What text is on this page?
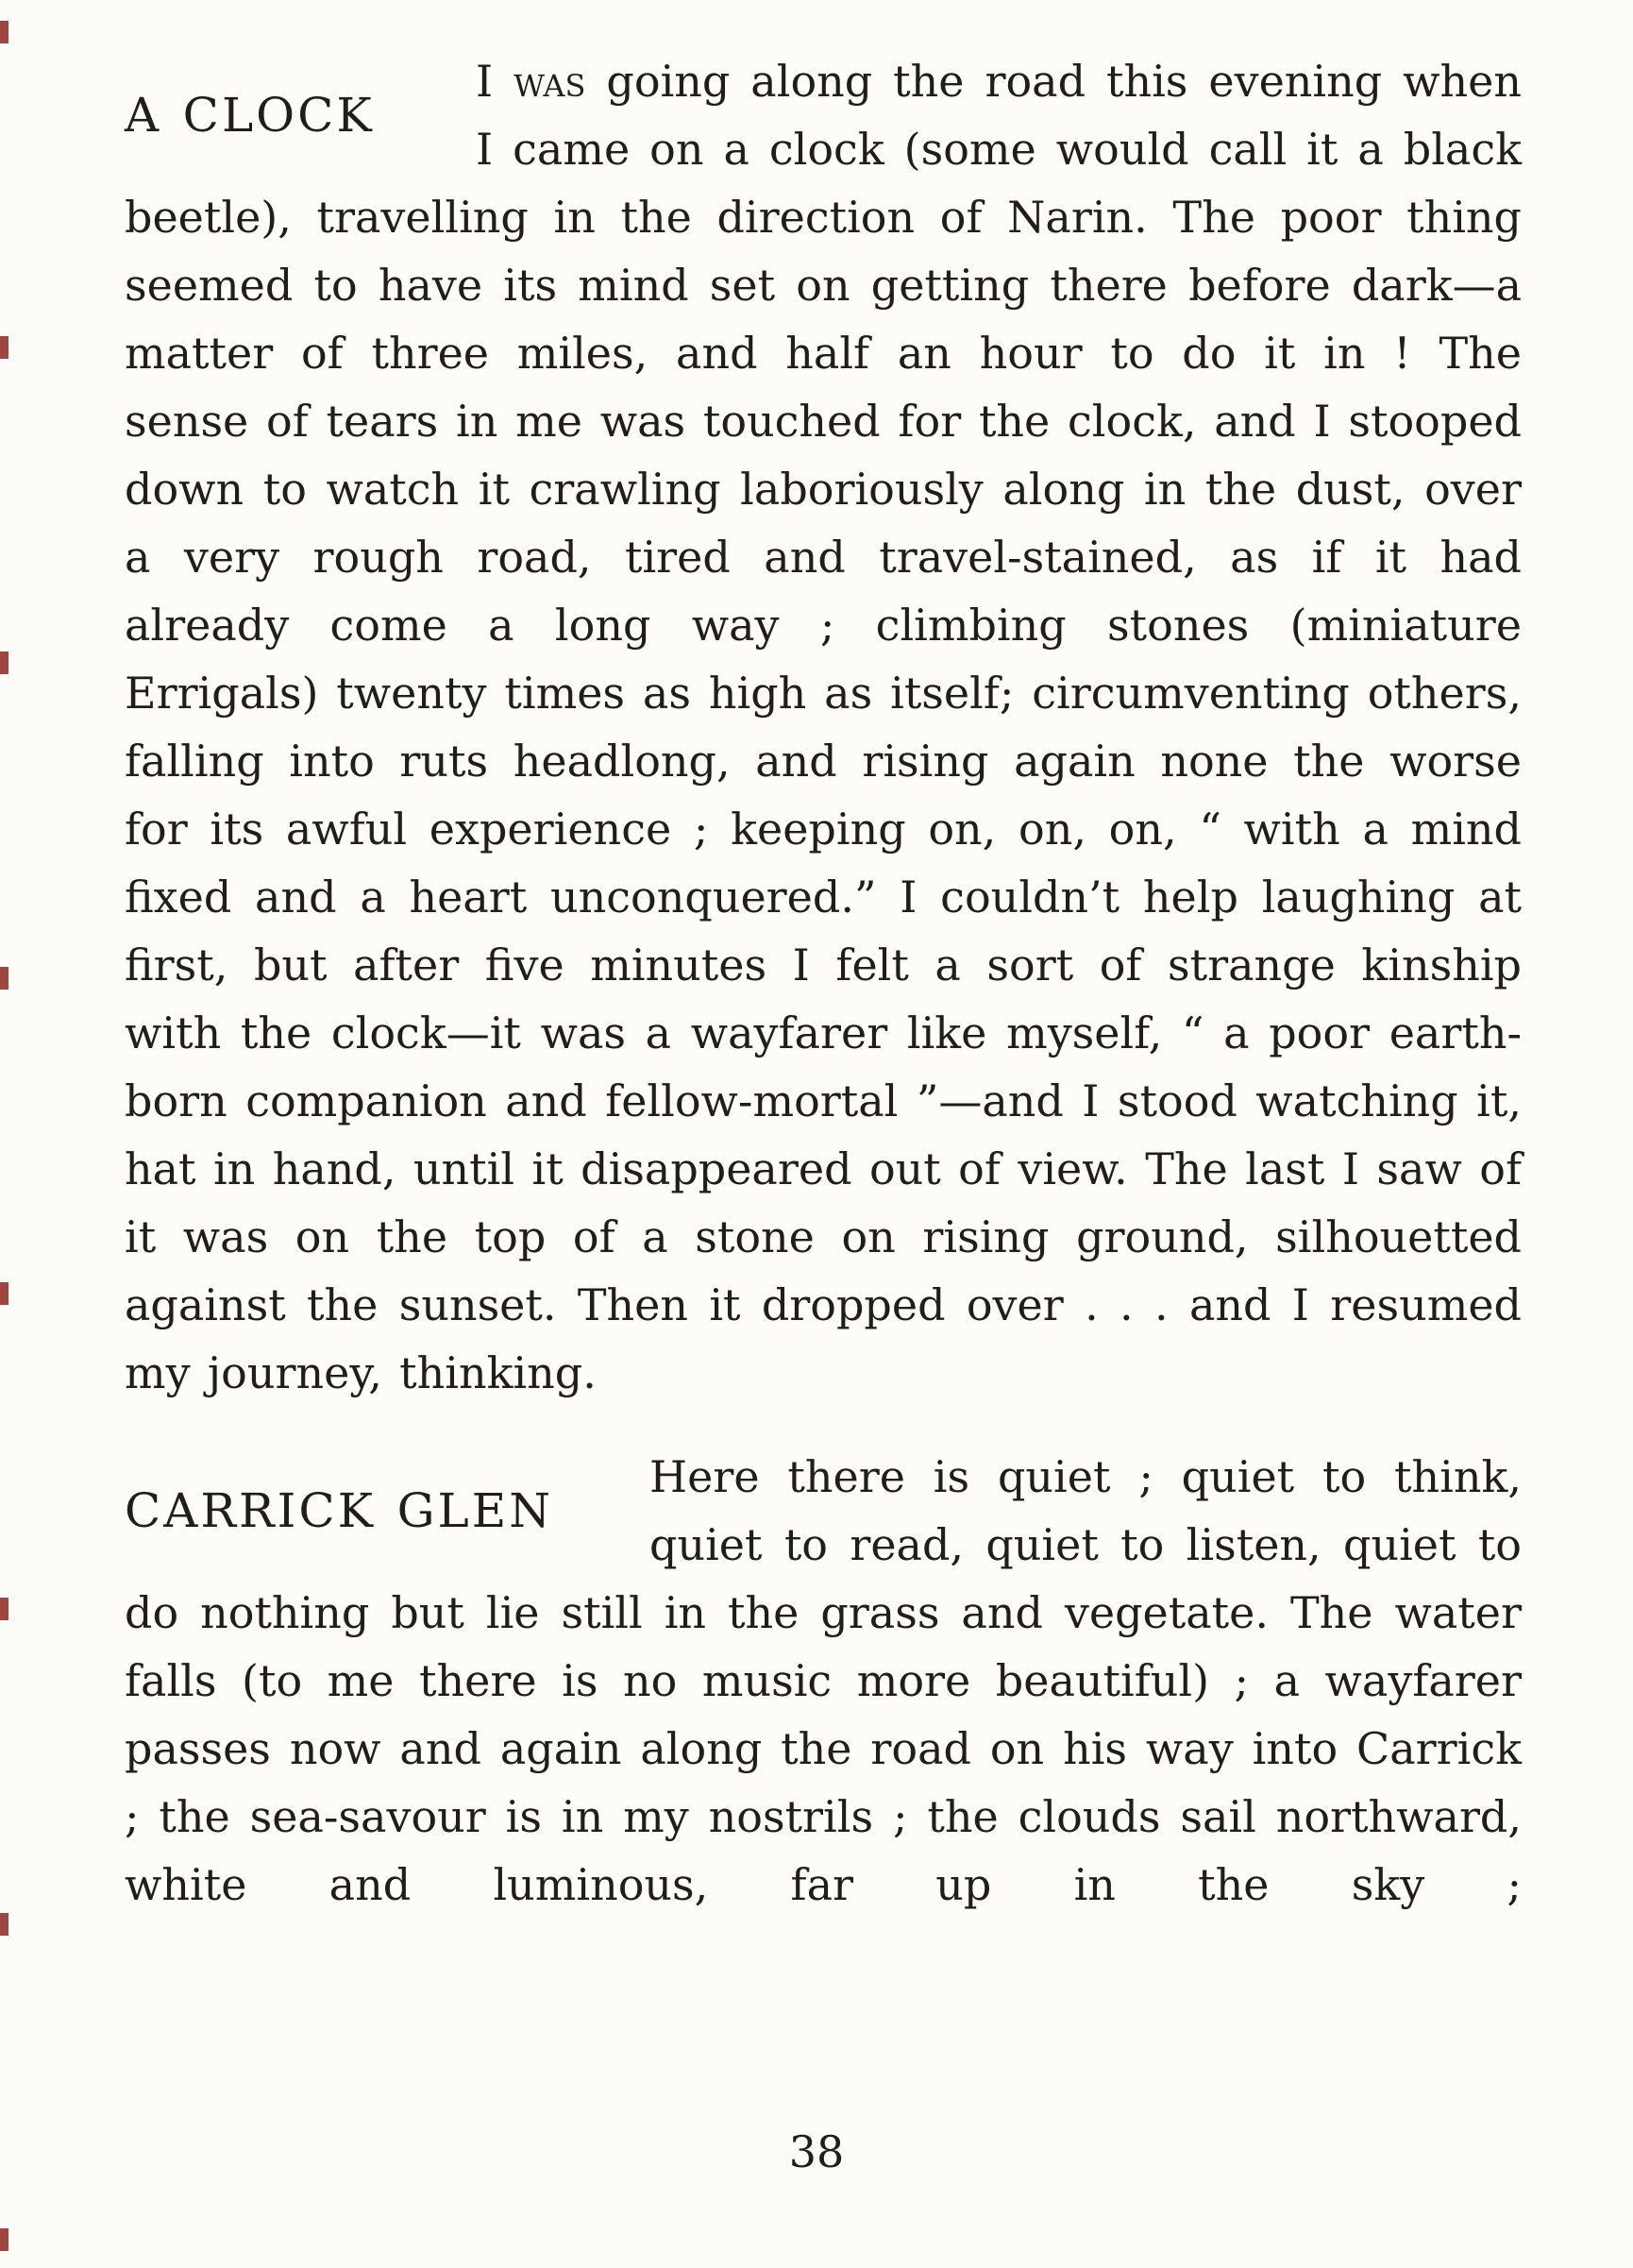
A CLOCK
I was going along the road this evening when I came on a clock (some would call it a black beetle), travelling in the direction of Narin. The poor thing seemed to have its mind set on getting there before dark—a matter of three miles, and half an hour to do it in ! The sense of tears in me was touched for the clock, and I stooped down to watch it crawling laboriously along in the dust, over a very rough road, tired and travel-stained, as if it had already come a long way ; climbing stones (miniature Errigals) twenty times as high as itself; circumventing others, falling into ruts headlong, and rising again none the worse for its awful experience ; keeping on, on, on, “ with a mind fixed and a heart unconquered.” I couldn’t help laughing at first, but after five minutes I felt a sort of strange kinship with the clock—it was a wayfarer like myself, “ a poor earth-born companion and fellow-mortal ”—and I stood watching it, hat in hand, until it disappeared out of view. The last I saw of it was on the top of a stone on rising ground, silhouetted against the sunset. Then it dropped over . . . and I resumed my journey, thinking.

CARRICK GLEN
Here there is quiet ; quiet to think, quiet to read, quiet to listen, quiet to do nothing but lie still in the grass and vegetate. The water falls (to me there is no music more beautiful) ; a wayfarer passes now and again along the road on his way into Carrick ; the sea-savour is in my nostrils ; the clouds sail northward, white and luminous, far up in the sky ;

38
